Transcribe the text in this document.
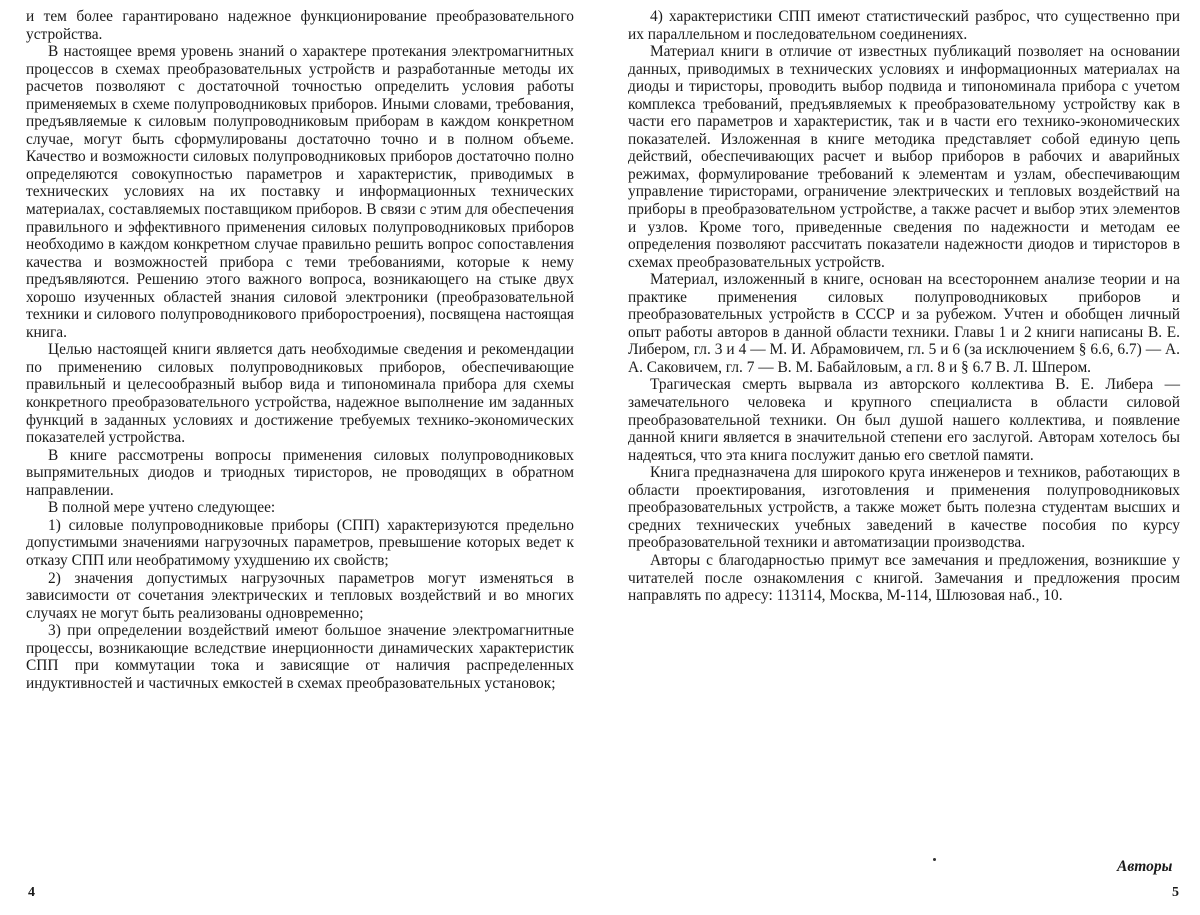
и тем более гарантировано надежное функционирование преобразовательного устройства.

В настоящее время уровень знаний о характере протекания электромагнитных процессов в схемах преобразовательных устройств и разработанные методы их расчетов позволяют с достаточной точностью определить условия работы применяемых в схеме полупроводниковых приборов. Иными словами, требования, предъявляемые к силовым полупроводниковым приборам в каждом конкретном случае, могут быть сформулированы достаточно точно и в полном объеме. Качество и возможности силовых полупроводниковых приборов достаточно полно определяются совокупностью параметров и характеристик, приводимых в технических условиях на их поставку и информационных технических материалах, составляемых поставщиком приборов. В связи с этим для обеспечения правильного и эффективного применения силовых полупроводниковых приборов необходимо в каждом конкретном случае правильно решить вопрос сопоставления качества и возможностей прибора с теми требованиями, которые к нему предъявляются. Решению этого важного вопроса, возникающего на стыке двух хорошо изученных областей знания силовой электроники (преобразовательной техники и силового полупроводникового приборостроения), посвящена настоящая книга.

Целью настоящей книги является дать необходимые сведения и рекомендации по применению силовых полупроводниковых приборов, обеспечивающие правильный и целесообразный выбор вида и типономинала прибора для схемы конкретного преобразовательного устройства, надежное выполнение им заданных функций в заданных условиях и достижение требуемых технико-экономических показателей устройства.

В книге рассмотрены вопросы применения силовых полупроводниковых выпрямительных диодов и триодных тиристоров, не проводящих в обратном направлении.

В полной мере учтено следующее:

1) силовые полупроводниковые приборы (СПП) характеризуются предельно допустимыми значениями нагрузочных параметров, превышение которых ведет к отказу СПП или необратимому ухудшению их свойств;

2) значения допустимых нагрузочных параметров могут изменяться в зависимости от сочетания электрических и тепловых воздействий и во многих случаях не могут быть реализованы одновременно;

3) при определении воздействий имеют большое значение электромагнитные процессы, возникающие вследствие инерционности динамических характеристик СПП при коммутации тока и зависящие от наличия распределенных индуктивностей и частичных емкостей в схемах преобразовательных установок;

4) характеристики СПП имеют статистический разброс, что существенно при их параллельном и последовательном соединениях.

Материал книги в отличие от известных публикаций позволяет на основании данных, приводимых в технических условиях и информационных материалах на диоды и тиристоры, проводить выбор подвида и типономинала прибора с учетом комплекса требований, предъявляемых к преобразовательному устройству как в части его параметров и характеристик, так и в части его технико-экономических показателей. Изложенная в книге методика представляет собой единую цепь действий, обеспечивающих расчет и выбор приборов в рабочих и аварийных режимах, формулирование требований к элементам и узлам, обеспечивающим управление тиристорами, ограничение электрических и тепловых воздействий на приборы в преобразовательном устройстве, а также расчет и выбор этих элементов и узлов. Кроме того, приведенные сведения по надежности и методам ее определения позволяют рассчитать показатели надежности диодов и тиристоров в схемах преобразовательных устройств.

Материал, изложенный в книге, основан на всестороннем анализе теории и на практике применения силовых полупроводниковых приборов и преобразовательных устройств в СССР и за рубежом. Учтен и обобщен личный опыт работы авторов в данной области техники. Главы 1 и 2 книги написаны В. Е. Либером, гл. 3 и 4 — М. И. Абрамовичем, гл. 5 и 6 (за исключением § 6.6, 6.7) — А. А. Саковичем, гл. 7 — В. М. Бабайловым, а гл. 8 и § 6.7 В. Л. Шпером.

Трагическая смерть вырвала из авторского коллектива В. Е. Либера — замечательного человека и крупного специалиста в области силовой преобразовательной техники. Он был душой нашего коллектива, и появление данной книги является в значительной степени его заслугой. Авторам хотелось бы надеяться, что эта книга послужит данью его светлой памяти.

Книга предназначена для широкого круга инженеров и техников, работающих в области проектирования, изготовления и применения полупроводниковых преобразовательных устройств, а также может быть полезна студентам высших и средних технических учебных заведений в качестве пособия по курсу преобразовательной техники и автоматизации производства.

Авторы с благодарностью примут все замечания и предложения, возникшие у читателей после ознакомления с книгой. Замечания и предложения просим направлять по адресу: 113114, Москва, М-114, Шлюзовая наб., 10.

Авторы
4	5
